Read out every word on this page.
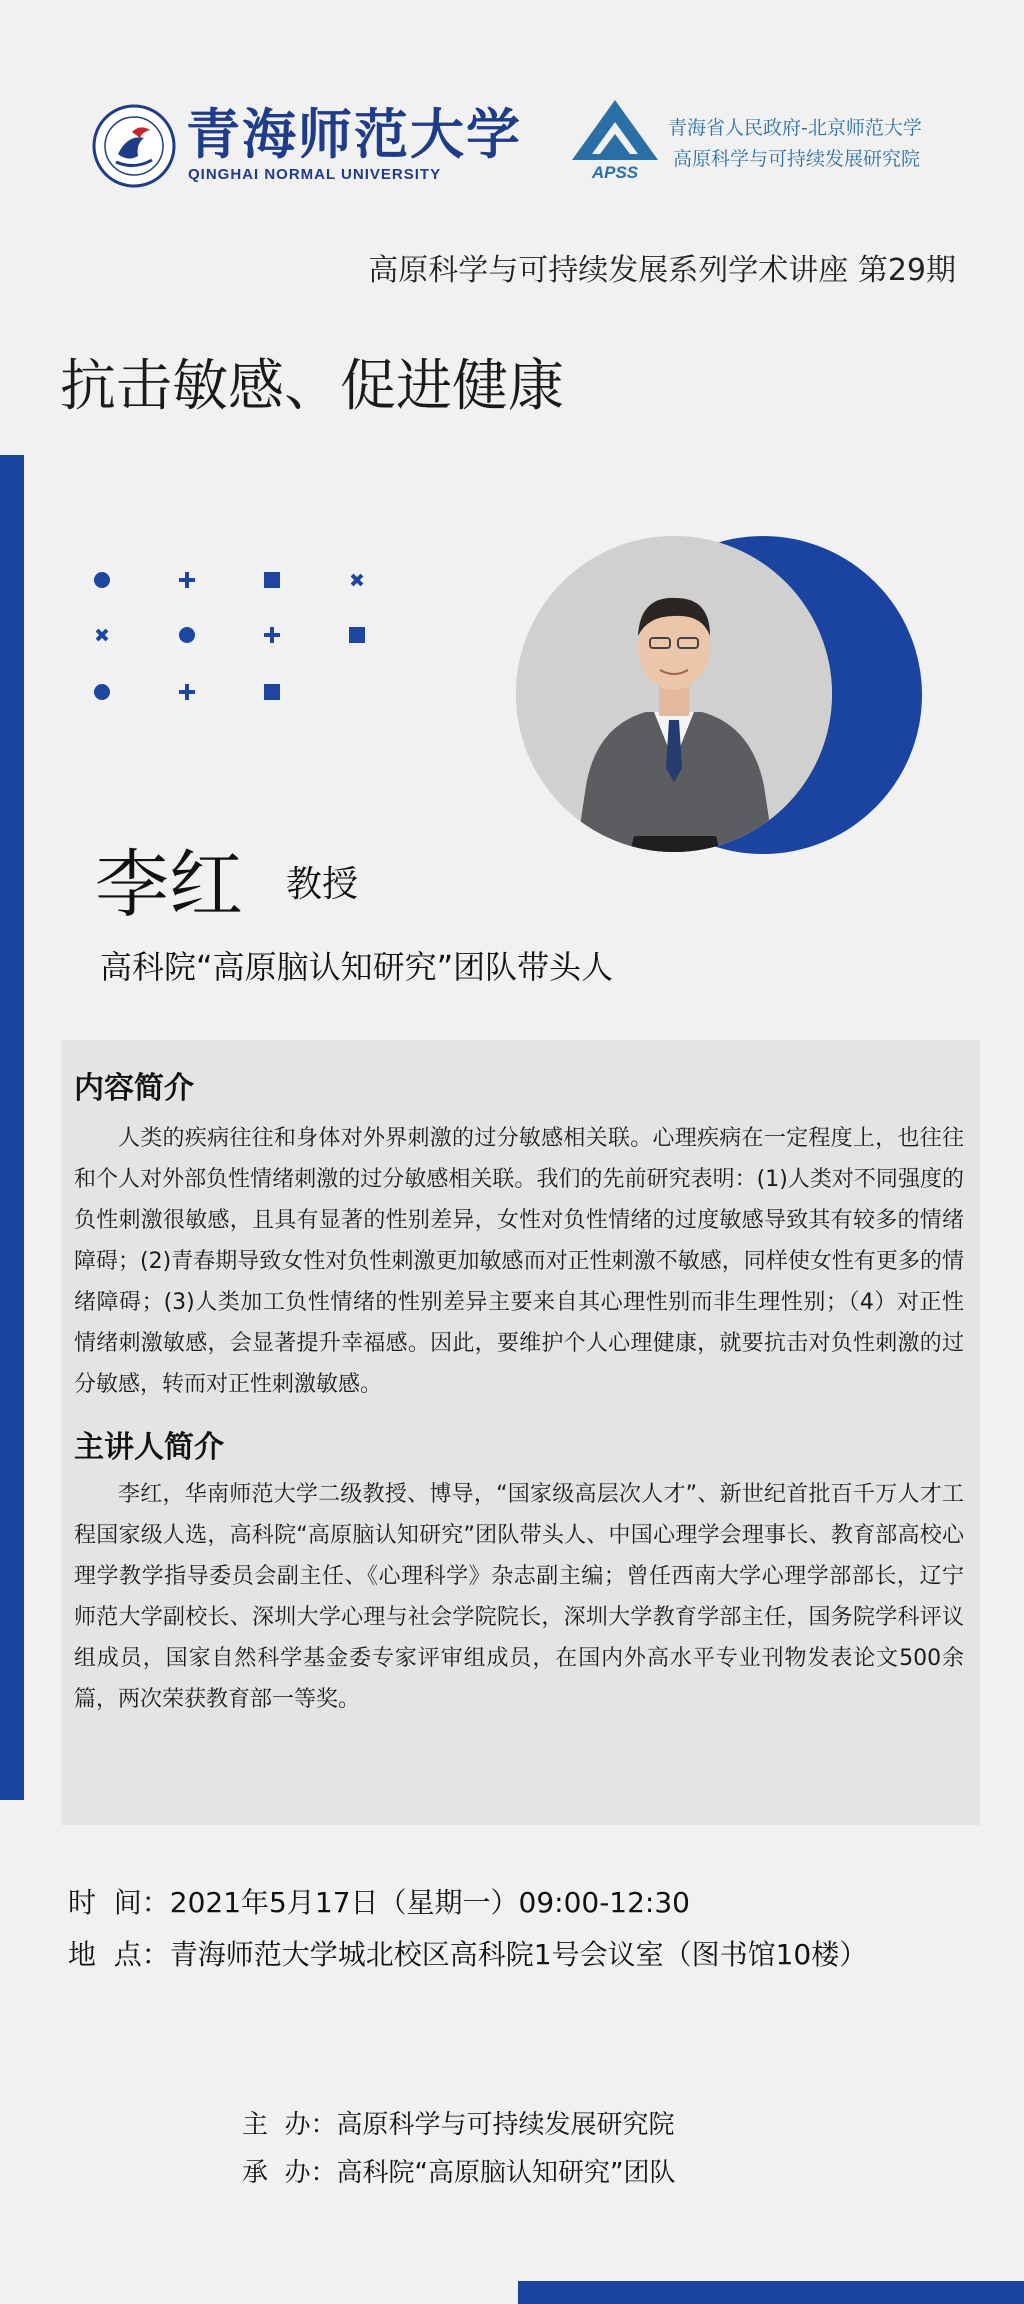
青海师范大学
QINGHAI NORMAL UNIVERSITY	APSS
青海省人民政府-北京师范大学
高原科学与可持续发展研究院
高原科学与可持续发展系列学术讲座 第29期
抗击敏感、促进健康
李红 教授
高科院“高原脑认知研究”团队带头人
内容简介
人类的疾病往往和身体对外界刺激的过分敏感相关联。心理疾病在一定程度上，也往往和个人对外部负性情绪刺激的过分敏感相关联。我们的先前研究表明：(1)人类对不同强度的负性刺激很敏感，且具有显著的性别差异，女性对负性情绪的过度敏感导致其有较多的情绪障碍；(2)青春期导致女性对负性刺激更加敏感而对正性刺激不敏感，同样使女性有更多的情绪障碍；(3)人类加工负性情绪的性别差异主要来自其心理性别而非生理性别；（4）对正性情绪刺激敏感，会显著提升幸福感。因此，要维护个人心理健康，就要抗击对负性刺激的过分敏感，转而对正性刺激敏感。
主讲人简介
李红，华南师范大学二级教授、博导，“国家级高层次人才”、新世纪首批百千万人才工程国家级人选，高科院“高原脑认知研究”团队带头人、中国心理学会理事长、教育部高校心理学教学指导委员会副主任、《心理科学》杂志副主编；曾任西南大学心理学部部长，辽宁师范大学副校长、深圳大学心理与社会学院院长，深圳大学教育学部主任，国务院学科评议组成员，国家自然科学基金委专家评审组成员，在国内外高水平专业刊物发表论文500余篇，两次荣获教育部一等奖。
时  间：2021年5月17日（星期一）09:00-12:30
地  点：青海师范大学城北校区高科院1号会议室（图书馆10楼）
主  办：高原科学与可持续发展研究院
承  办：高科院“高原脑认知研究”团队
